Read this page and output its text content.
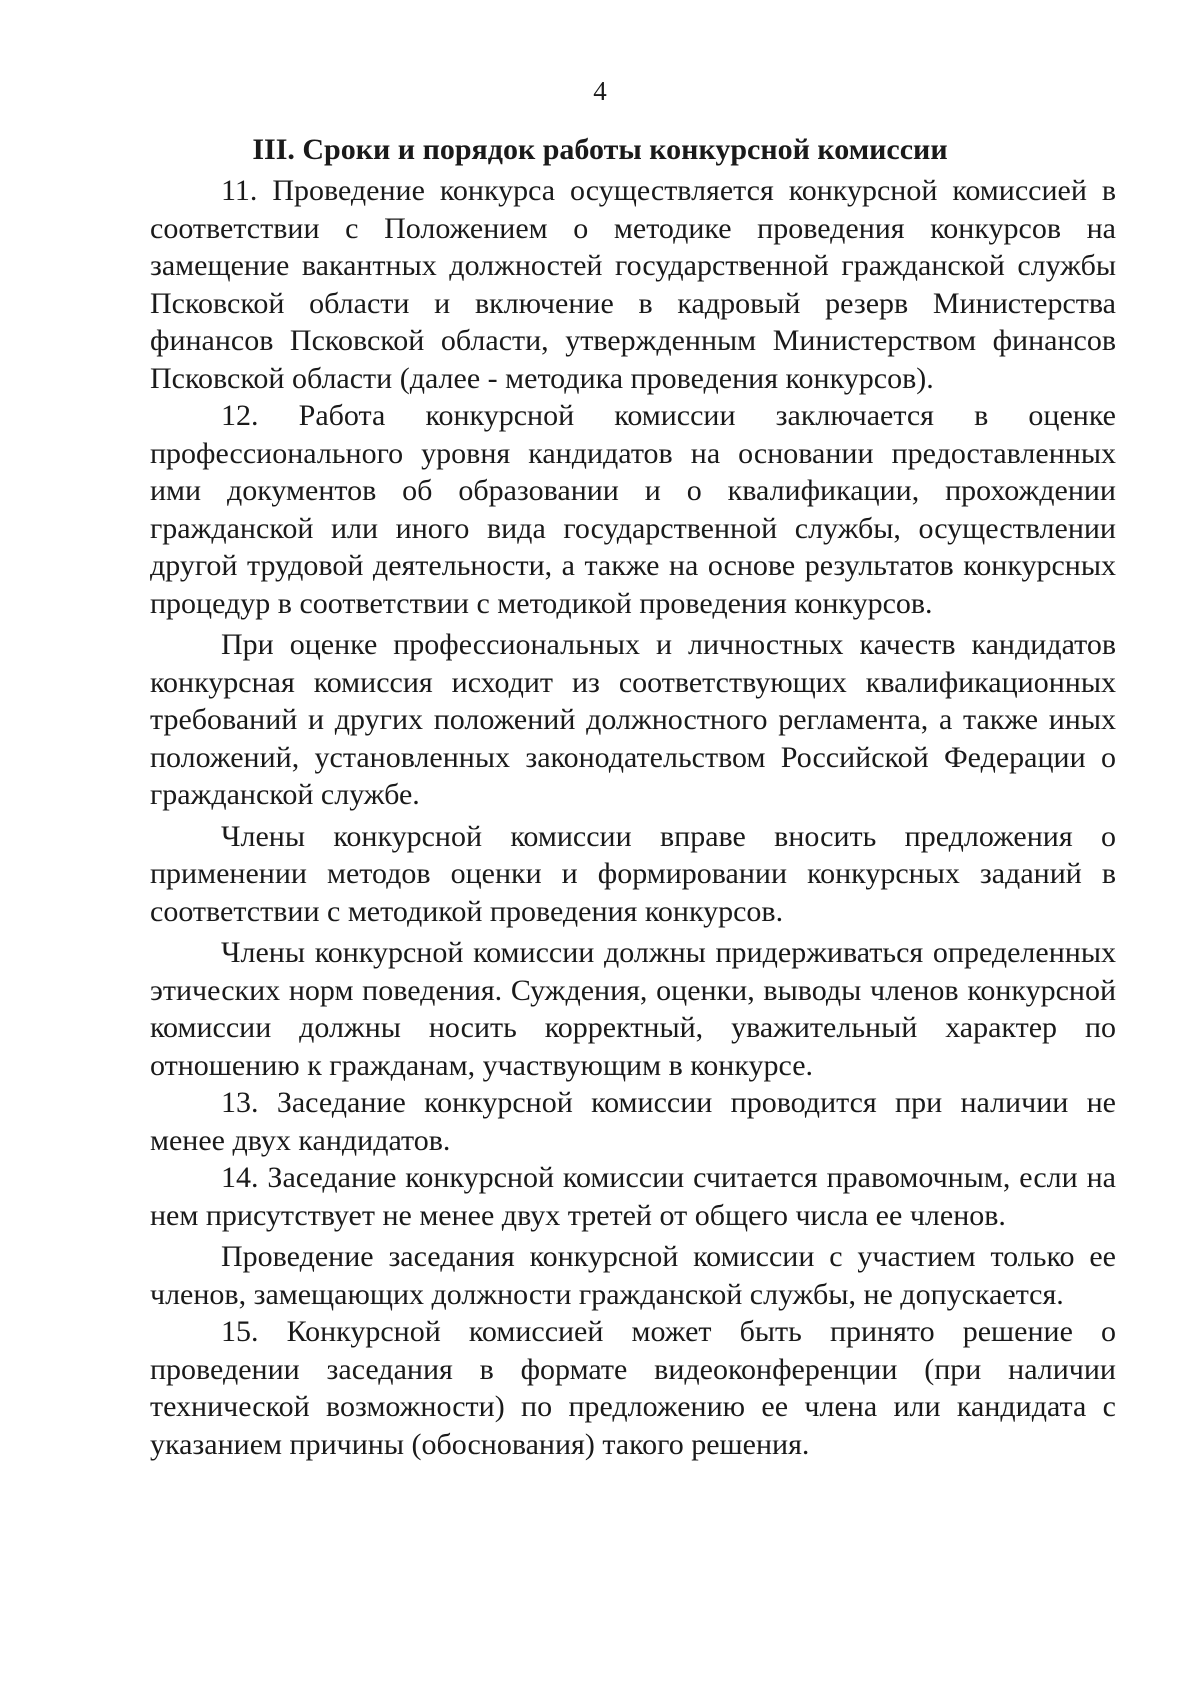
4
III. Сроки и порядок работы конкурсной комиссии

11. Проведение конкурса осуществляется конкурсной комиссией в соответствии с Положением о методике проведения конкурсов на замещение вакантных должностей государственной гражданской службы Псковской области и включение в кадровый резерв Министерства финансов Псковской области, утвержденным Министерством финансов Псковской области (далее - методика проведения конкурсов).

12. Работа конкурсной комиссии заключается в оценке профессионального уровня кандидатов на основании предоставленных ими документов об образовании и о квалификации, прохождении гражданской или иного вида государственной службы, осуществлении другой трудовой деятельности, а также на основе результатов конкурсных процедур в соответствии с методикой проведения конкурсов.

При оценке профессиональных и личностных качеств кандидатов конкурсная комиссия исходит из соответствующих квалификационных требований и других положений должностного регламента, а также иных положений, установленных законодательством Российской Федерации о гражданской службе.

Члены конкурсной комиссии вправе вносить предложения о применении методов оценки и формировании конкурсных заданий в соответствии с методикой проведения конкурсов.

Члены конкурсной комиссии должны придерживаться определенных этических норм поведения. Суждения, оценки, выводы членов конкурсной комиссии должны носить корректный, уважительный характер по отношению к гражданам, участвующим в конкурсе.

13. Заседание конкурсной комиссии проводится при наличии не менее двух кандидатов.

14. Заседание конкурсной комиссии считается правомочным, если на нем присутствует не менее двух третей от общего числа ее членов.

Проведение заседания конкурсной комиссии с участием только ее членов, замещающих должности гражданской службы, не допускается.

15. Конкурсной комиссией может быть принято решение о проведении заседания в формате видеоконференции (при наличии технической возможности) по предложению ее члена или кандидата с указанием причины (обоснования) такого решения.
